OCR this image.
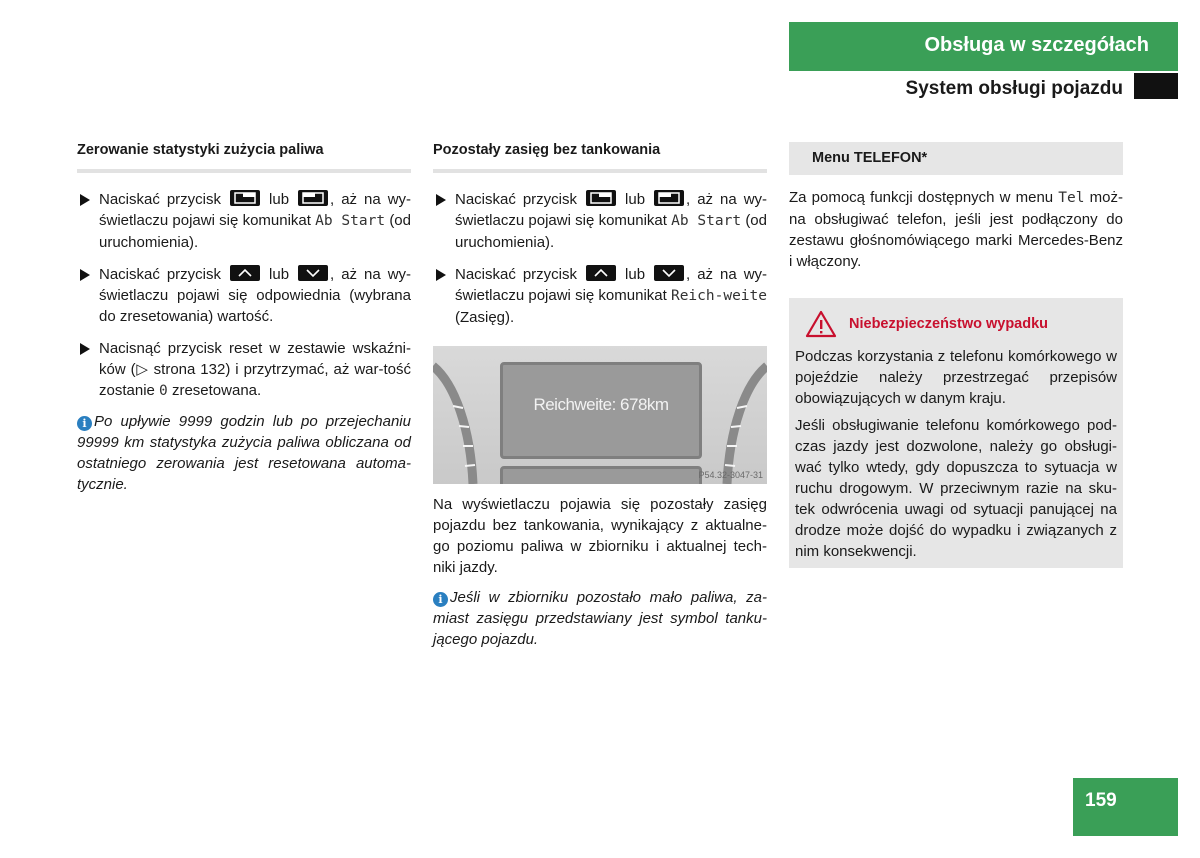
Obsługa w szczegółach
System obsługi pojazdu
Zerowanie statystyki zużycia paliwa
Naciskać przycisk	lub	, aż na wy-świetlaczu pojawi się komunikat Ab Start (od uruchomienia).
Naciskać przycisk	lub	, aż na wy-świetlaczu pojawi się odpowiednia (wybrana do zresetowania) wartość.
Nacisnąć przycisk reset w zestawie wskaźni-ków (▷ strona 132) i przytrzymać, aż war-tość zostanie 0 zresetowana.
i Po upływie 9999 godzin lub po przejechaniu 99999 km statystyka zużycia paliwa obliczana od ostatniego zerowania jest resetowana automa-tycznie.
Pozostały zasięg bez tankowania
Naciskać przycisk	lub	, aż na wy-świetlaczu pojawi się komunikat Ab Start (od uruchomienia).
Naciskać przycisk	lub	, aż na wy-świetlaczu pojawi się komunikat Reich-weite (Zasięg).
Reichweite: 678km
P54.32-3047-31

Na wyświetlaczu pojawia się pozostały zasięg pojazdu bez tankowania, wynikający z aktualne-go poziomu paliwa w zbiorniku i aktualnej tech-niki jazdy.

i Jeśli w zbiorniku pozostało mało paliwa, za-miast zasięgu przedstawiany jest symbol tanku-jącego pojazdu.
Menu TELEFON*

Za pomocą funkcji dostępnych w menu Tel moż-na obsługiwać telefon, jeśli jest podłączony do zestawu głośnomówiącego marki Mercedes-Benz i włączony.

Niebezpieczeństwo wypadku

Podczas korzystania z telefonu komórkowego w pojeździe należy przestrzegać przepisów obowiązujących w danym kraju.

Jeśli obsługiwanie telefonu komórkowego pod-czas jazdy jest dozwolone, należy go obsługi-wać tylko wtedy, gdy dopuszcza to sytuacja w ruchu drogowym. W przeciwnym razie na sku-tek odwrócenia uwagi od sytuacji panującej na drodze może dojść do wypadku i związanych z nim konsekwencji.

159
